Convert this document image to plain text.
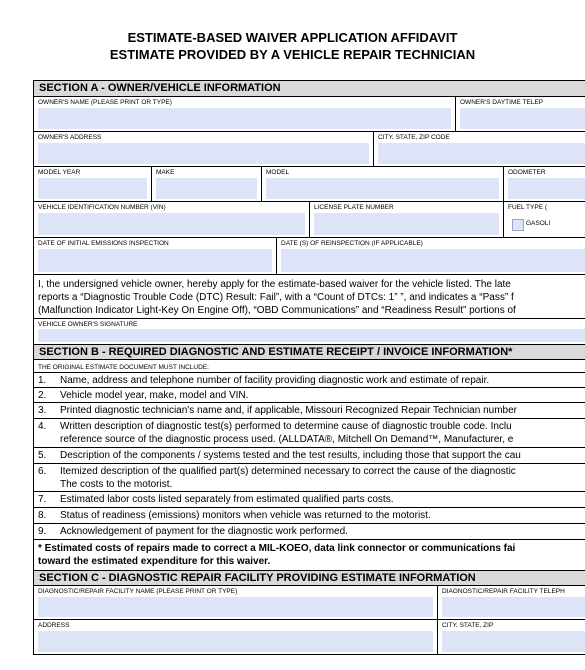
ESTIMATE-BASED WAIVER APPLICATION AFFIDAVIT
ESTIMATE PROVIDED BY A VEHICLE REPAIR TECHNICIAN
SECTION A - OWNER/VEHICLE INFORMATION
OWNER'S NAME (PLEASE PRINT OR TYPE)	OWNER'S DAYTIME TELEP
OWNER'S ADDRESS	CITY, STATE, ZIP CODE
MODEL YEAR	MAKE	MODEL	ODOMETER
VEHICLE IDENTIFICATION NUMBER (VIN)	LICENSE PLATE NUMBER	FUEL TYPE (
GASOLI
DATE OF INITIAL EMISSIONS INSPECTION	DATE (S) OF REINSPECTION (IF APPLICABLE)
I, the undersigned vehicle owner, hereby apply for the estimate-based waiver for the vehicle listed. The late
reports a “Diagnostic Trouble Code (DTC) Result: Fail”, with a “Count of DTCs: 1” ”, and indicates a “Pass” f
(Malfunction Indicator Light-Key On Engine Off), “OBD Communications” and “Readiness Result” portions of
VEHICLE OWNER'S SIGNATURE
SECTION B - REQUIRED DIAGNOSTIC AND ESTIMATE RECEIPT / INVOICE INFORMATION*
THE ORIGINAL ESTIMATE DOCUMENT MUST INCLUDE:
1. Name, address and telephone number of facility providing diagnostic work and estimate of repair.
2. Vehicle model year, make, model and VIN.
3. Printed diagnostic technician's name and, if applicable, Missouri Recognized Repair Technician number
4. Written description of diagnostic test(s) performed to determine cause of diagnostic trouble code. Inclu
reference source of the diagnostic process used. (ALLDATA®, Mitchell On Demand™, Manufacturer, e
5. Description of the components / systems tested and the test results, including those that support the cau
6. Itemized description of the qualified part(s) determined necessary to correct the cause of the diagnostic
The costs to the motorist.
7. Estimated labor costs listed separately from estimated qualified parts costs.
8. Status of readiness (emissions) monitors when vehicle was returned to the motorist.
9. Acknowledgement of payment for the diagnostic work performed.
* Estimated costs of repairs made to correct a MIL-KOEO, data link connector or communications fai
toward the estimated expenditure for this waiver.
SECTION C - DIAGNOSTIC REPAIR FACILITY PROVIDING ESTIMATE INFORMATION
DIAGNOSTIC/REPAIR FACILITY NAME (PLEASE PRINT OR TYPE)	DIAGNOSTIC/REPAIR FACILITY TELEPH
ADDRESS	CITY, STATE, ZIP
